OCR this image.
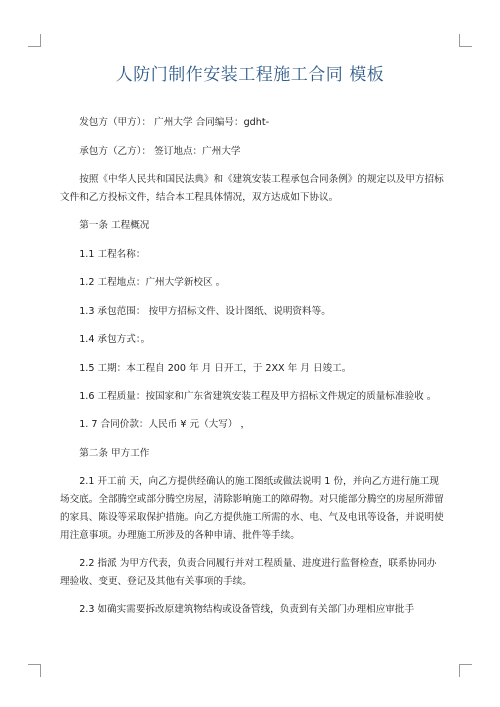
人防门制作安装工程施工合同 模板

发包方（甲方）： 广州大学 合同编号：gdht-

承包方（乙方）： 签订地点：广州大学

按照《中华人民共和国民法典》和《建筑安装工程承包合同条例》的规定以及甲方招标文件和乙方投标文件，结合本工程具体情况，双方达成如下协议。

第一条 工程概况

1.1 工程名称：

1.2 工程地点：广州大学新校区 。

1.3 承包范围： 按甲方招标文件、设计图纸、说明资料等。

1.4 承包方式：。

1.5 工期：本工程自 200 年 月 日开工，于 2XX 年 月 日竣工。

1.6 工程质量：按国家和广东省建筑安装工程及甲方招标文件规定的质量标准验收 。

1. 7 合同价款：人民币 ¥ 元（大写） ，

第二条 甲方工作

2.1 开工前 天，向乙方提供经确认的施工图纸或做法说明 1 份，并向乙方进行施工现场交底。全部腾空或部分腾空房屋，清除影响施工的障碍物。对只能部分腾空的房屋所滞留的家具、陈设等采取保护措施。向乙方提供施工所需的水、电、气及电讯等设备，并说明使用注意事项。办理施工所涉及的各种申请、批件等手续。

2.2 指派 为甲方代表，负责合同履行并对工程质量、进度进行监督检查，联系协同办理验收、变更、登记及其他有关事项的手续。

2.3 如确实需要拆改原建筑物结构或设备管线，负责到有关部门办理相应审批手
